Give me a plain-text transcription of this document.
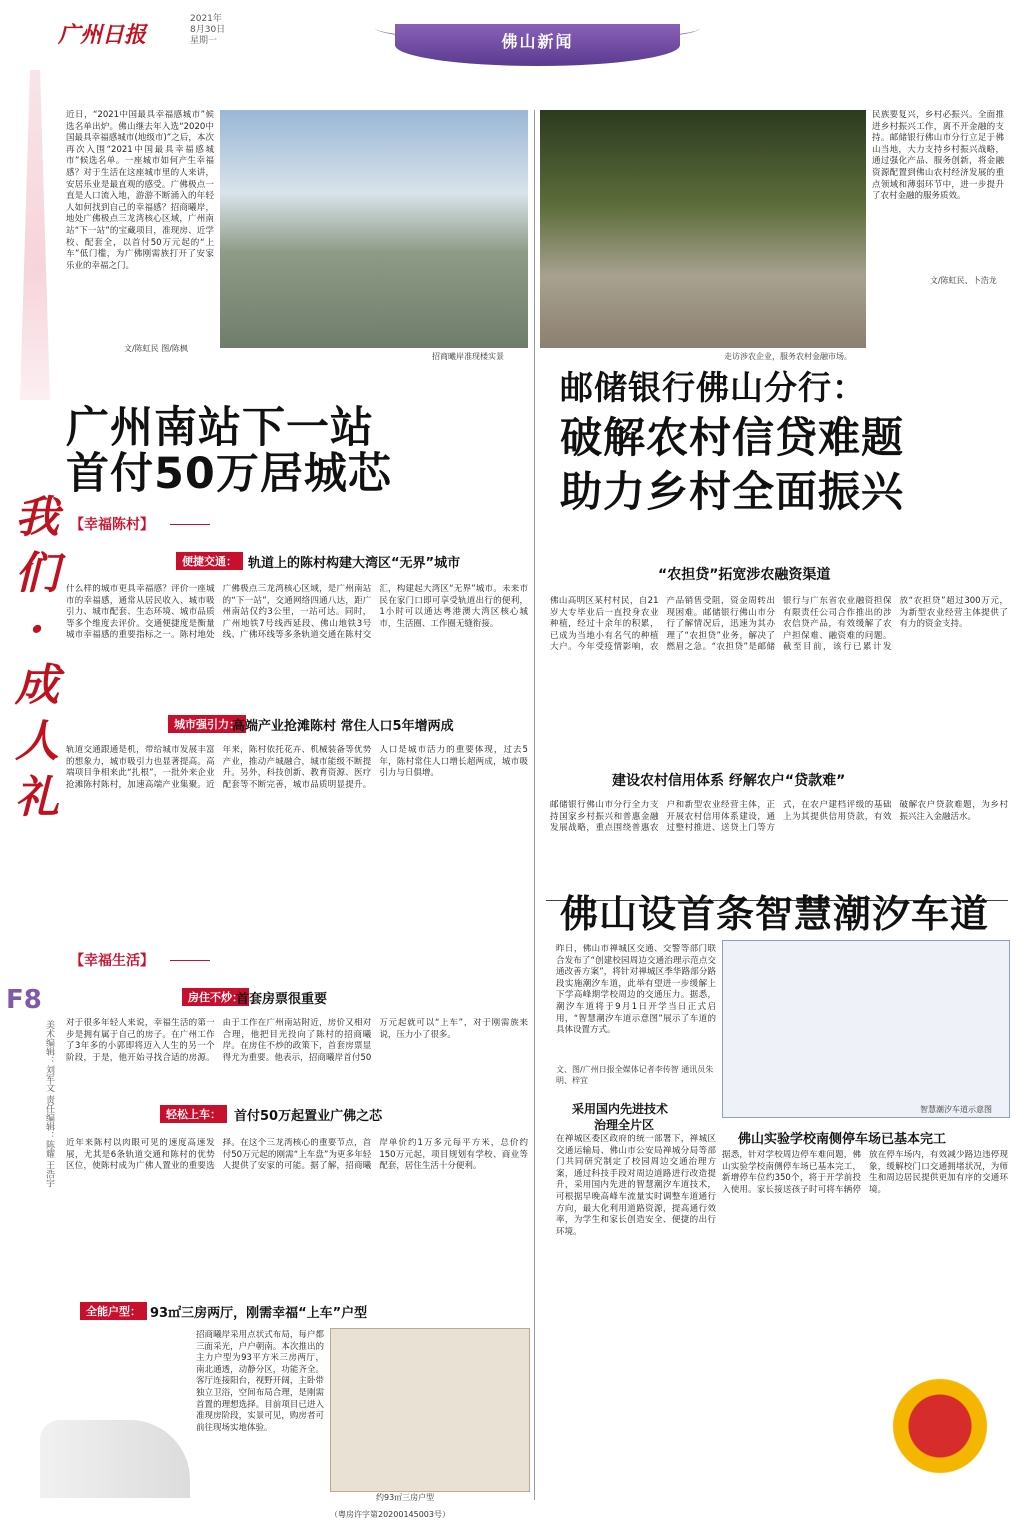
广州日报
2021年
8月30日
星期一	佛山新闻
我们·成人礼
F8
美术编辑：刘军文 责任编辑：陈耀 王浩宇
近日，“2021中国最具幸福感城市”候选名单出炉。佛山继去年入选“2020中国最具幸福感城市(地级市)”之后，本次再次入围“2021中国最具幸福感城市”候选名单。一座城市如何产生幸福感？对于生活在这座城市里的人来讲，安居乐业是最直观的感受。广佛极点一直是人口流入地，游游不断涌入的年轻人如何找到自己的幸福感？招商曦岸，地处广佛极点三龙湾核心区域，广州南站“下一站”的宝藏项目，准现房、近学校、配套全，以首付50万元起的“上车”低门槛，为广佛刚需族打开了安家乐业的幸福之门。
文/陈虹民 图/陈枫
招商曦岸准现楼实景
广州南站下一站
首付50万居城芯
【幸福陈村】
便捷交通： 轨道上的陈村构建大湾区“无界”城市
什么样的城市更具幸福感？评价一座城市的幸福感，通常从居民收入、城市吸引力、城市配套、生态环境、城市品质等多个维度去评价。交通便捷度是衡量城市幸福感的重要指标之一。陈村地处广佛极点三龙湾核心区域，是广州南站的“下一站”，交通网络四通八达，距广州南站仅约3公里，一站可达。同时，广州地铁7号线西延段、佛山地铁3号线、广佛环线等多条轨道交通在陈村交汇，构建起大湾区“无界”城市。未来市民在家门口即可享受轨道出行的便利，1小时可以通达粤港澳大湾区核心城市，生活圈、工作圈无缝衔接。
城市强引力：
高端产业抢滩陈村 常住人口5年增两成
轨道交通跟通是机，带给城市发展丰富的想象力，城市吸引力也显著提高。高端项目争相来此“扎根”，一批外来企业抢滩陈村陈村，加速高端产业集聚。近年来，陈村依托花卉、机械装备等优势产业，推动产城融合，城市能级不断提升。另外，科技创新、教育资源、医疗配套等不断完善，城市品质明显提升。人口是城市活力的重要体现，过去5年，陈村常住人口增长超两成，城市吸引力与日俱增。
【幸福生活】
房住不炒：
首套房票很重要
对于很多年轻人来说，幸福生活的第一步是拥有属于自己的房子。在广州工作了3年多的小郭即将迈入人生的另一个阶段，于是，他开始寻找合适的房源。由于工作在广州南站附近，房价又相对合理，他把目光投向了陈村的招商曦岸。在房住不炒的政策下，首套房票显得尤为重要。他表示，招商曦岸首付50万元起就可以“上车”，对于刚需族来说，压力小了很多。
轻松上车：	首付50万起置业广佛之芯
近年来陈村以肉眼可见的速度高速发展，尤其是6条轨道交通和陈村的优势区位，使陈村成为广佛人置业的重要选择。在这个三龙湾核心的重要节点，首付50万元起的刚需“上车盘”为更多年轻人提供了安家的可能。据了解，招商曦岸单价约1万多元每平方米，总价约150万元起，项目规划有学校、商业等配套，居住生活十分便利。
全能户型： 93㎡三房两厅，刚需幸福“上车”户型
招商曦岸采用点状式布局，每户都三面采光，户户朝南。本次推出的主力户型为93平方米三房两厅，南北通透，动静分区，功能齐全。客厅连接阳台，视野开阔，主卧带独立卫浴，空间布局合理，是刚需首置的理想选择。目前项目已进入准现房阶段，实景可见，购房者可前往现场实地体验。
约93㎡三房户型
（粤房许字第20200145003号）
走访涉农企业，服务农村金融市场。
民族要复兴，乡村必振兴。全面推进乡村振兴工作，离不开金融的支持。邮储银行佛山市分行立足于佛山当地，大力支持乡村振兴战略，通过强化产品、服务创新，将金融资源配置到佛山农村经济发展的重点领域和薄弱环节中，进一步提升了农村金融的服务质效。
文/陈虹民、卜浩龙
邮储银行佛山分行：
破解农村信贷难题
助力乡村全面振兴
“农担贷”拓宽涉农融资渠道
佛山高明区某村村民，自21岁大专毕业后一直投身农业种植，经过十余年的积累，已成为当地小有名气的种植大户。今年受疫情影响，农产品销售受阻，资金周转出现困难。邮储银行佛山市分行了解情况后，迅速为其办理了“农担贷”业务，解决了燃眉之急。“农担贷”是邮储银行与广东省农业融资担保有限责任公司合作推出的涉农信贷产品，有效缓解了农户担保难、融资难的问题。截至目前，该行已累计发放“农担贷”超过300万元，为新型农业经营主体提供了有力的资金支持。
建设农村信用体系 纾解农户“贷款难”
邮储银行佛山市分行全力支持国家乡村振兴和普惠金融发展战略，重点围绕普惠农户和新型农业经营主体，正开展农村信用体系建设，通过整村推进、送贷上门等方式，在农户建档评级的基础上为其提供信用贷款，有效破解农户贷款难题，为乡村振兴注入金融活水。
佛山设首条智慧潮汐车道
昨日，佛山市禅城区交通、交警等部门联合发布了“创建校园周边交通治理示范点交通改善方案”，将针对禅城区季华路部分路段实施潮汐车道，此举有望进一步缓解上下学高峰期学校周边的交通压力。据悉，潮汐车道将于9月1日开学当日正式启用，“智慧潮汐车道示意图”展示了车道的具体设置方式。
文、图/广州日报全媒体记者李传智 通讯员朱明、梓宜
采用国内先进技术
治理全片区
在禅城区委区政府的统一部署下，禅城区交通运输局、佛山市公安局禅城分局等部门共同研究制定了校园周边交通治理方案，通过科技手段对周边道路进行改造提升，采用国内先进的智慧潮汐车道技术，可根据早晚高峰车流量实时调整车道通行方向，最大化利用道路资源，提高通行效率，为学生和家长创造安全、便捷的出行环境。
智慧潮汐车道示意图
佛山实验学校南侧停车场已基本完工
据悉，针对学校周边停车难问题，佛山实验学校南侧停车场已基本完工，新增停车位约350个，将于开学前投入使用。家长接送孩子时可将车辆停放在停车场内，有效减少路边违停现象，缓解校门口交通拥堵状况，为师生和周边居民提供更加有序的交通环境。
